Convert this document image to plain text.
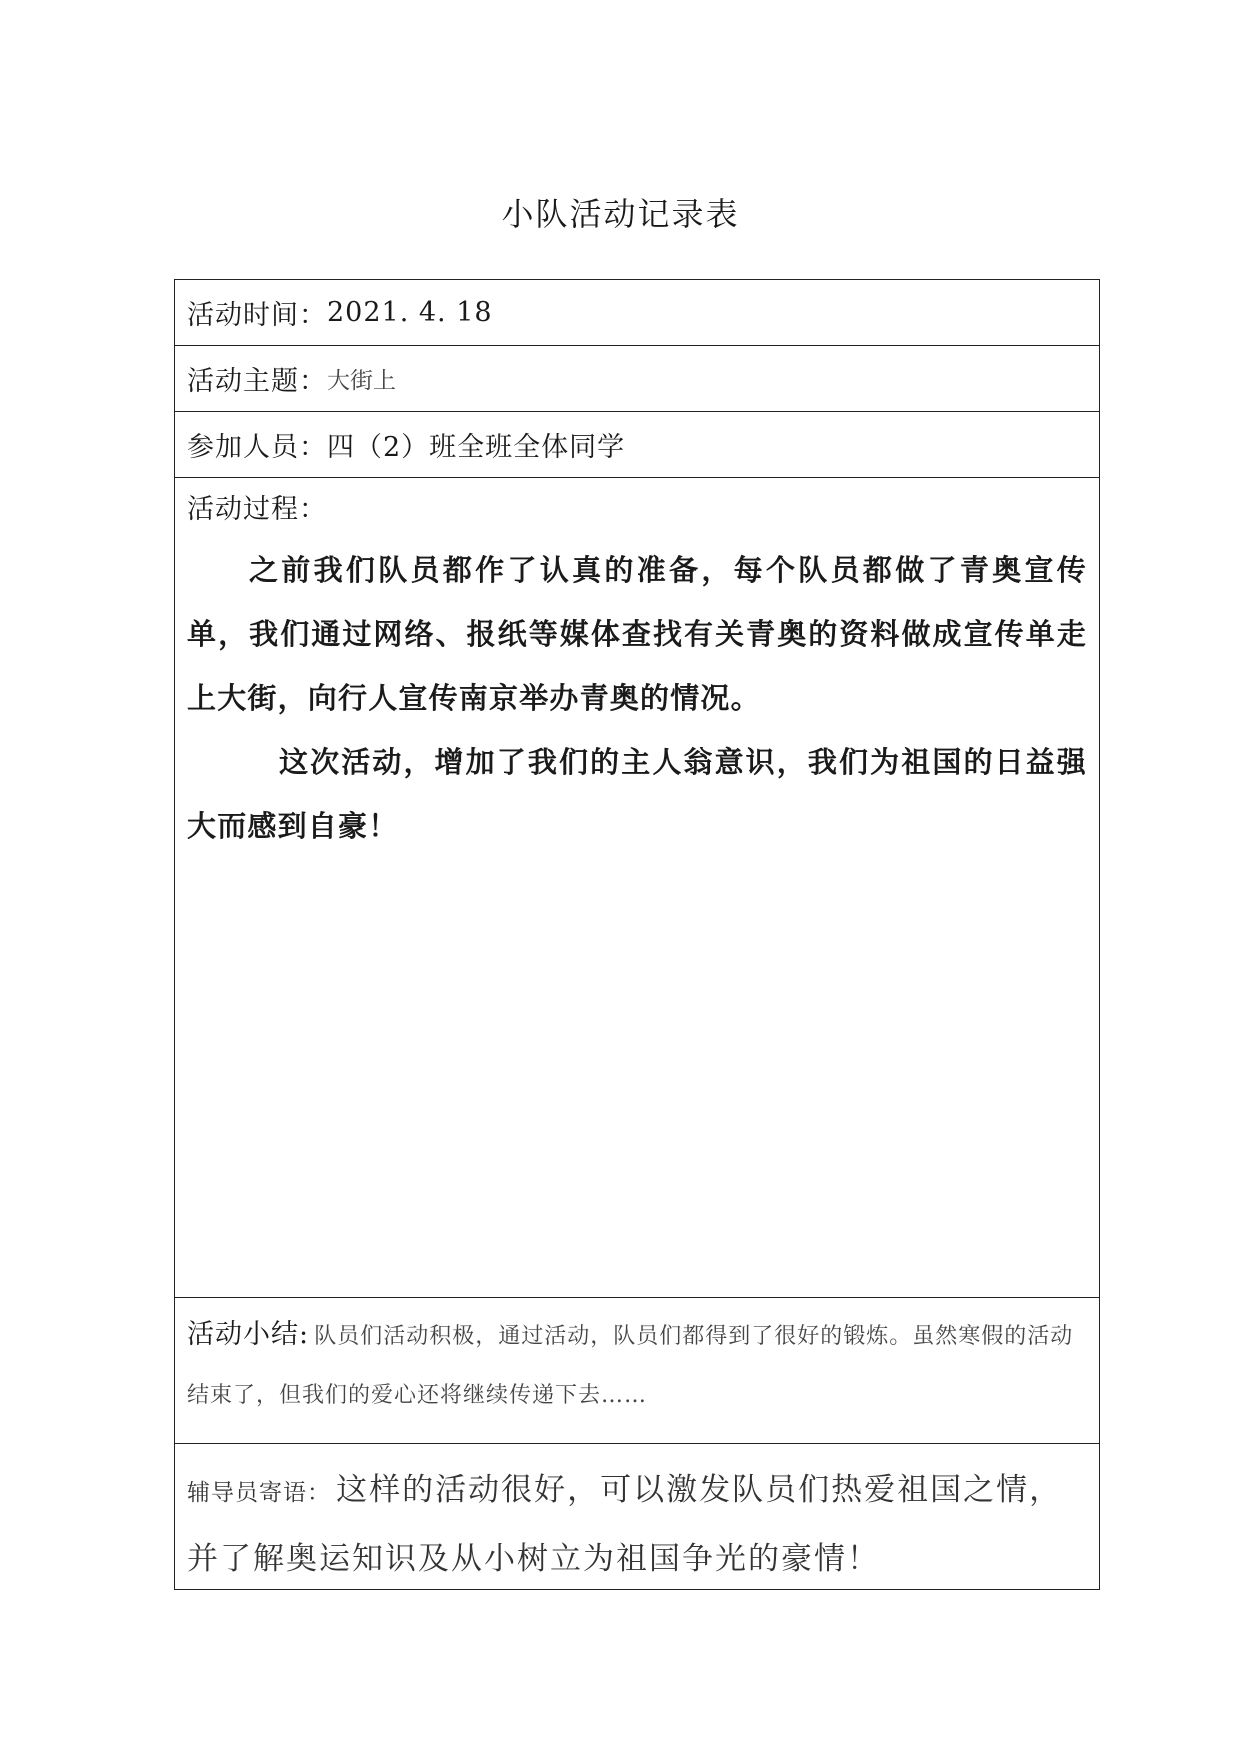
小队活动记录表
活动时间： 2021. 4. 18
活动主题： 大街上
参加人员： 四（2）班全班全体同学
活动过程：

之前我们队员都作了认真的准备，每个队员都做了青奥宣传单，我们通过网络、报纸等媒体查找有关青奥的资料做成宣传单走上大街，向行人宣传南京举办青奥的情况。

这次活动，增加了我们的主人翁意识，我们为祖国的日益强大而感到自豪！

活动小结: 队员们活动积极，通过活动，队员们都得到了很好的锻炼。虽然寒假的活动结束了，但我们的爱心还将继续传递下去……
辅导员寄语： 这样的活动很好，可以激发队员们热爱祖国之情，并了解奥运知识及从小树立为祖国争光的豪情！
